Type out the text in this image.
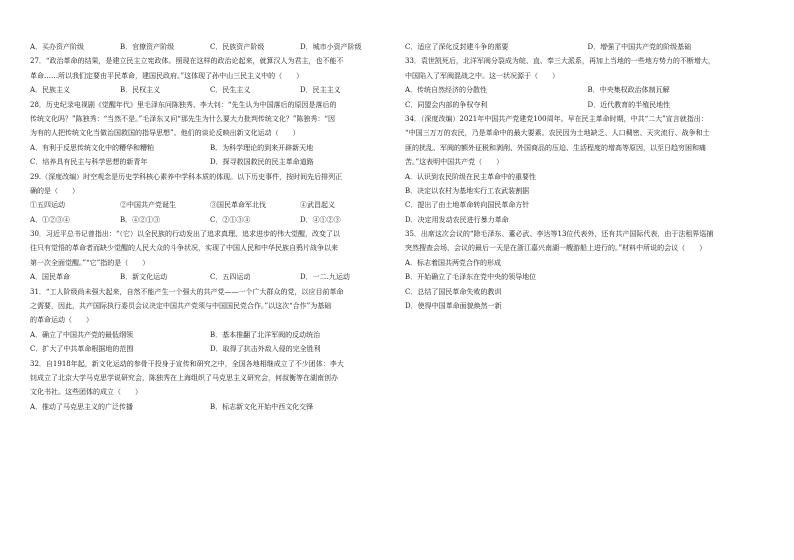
A．买办资产阶级	B．官僚资产阶级	C．民族资产阶级	D．城市小资产阶级
27．“政治革命的结果，是建立民主立宪政体。照现在这样的政治论起来，就算汉人为君主，也不能不
革命……所以我们定要由平民革命，建国民政府。”这体现了孙中山三民主义中的（　　）
A．民族主义	B．民权主义	C．民生主义	D．民主主义
28．历史纪录电视剧《觉醒年代》里毛泽东问陈独秀、李大钊：“先生认为中国落后的原因是落后的
传统文化吗？”陈独秀：“当然不是。”毛泽东又问“那先生为什么要大力批判传统文化？”陈独秀：“因
为有的人把传统文化当做治国救国的指导思想”。他们的谈论反映出新文化运动（　　）
A．有利于反思传统文化中的糟华和糟粕	B．为科学理论的到来开辟新天地
C．培养具有民主与科学思想的新青年	D．探寻救国救民的民主革命道路
29.（深度改编）时空观念是历史学科核心素养中学科本质的体现。以下历史事件，按时间先后排列正
确的是（　　）
①五四运动	②中国共产党诞生	③国民革命军北伐	④武昌起义
A．①②③④	B．④②①③	C．②①③④	D．④①②③
30．习近平总书记曾指出：“（它）以全民族的行动发出了追求真理、追求进步的伟大觉醒，改变了以
往只有觉悟的革命者而缺少觉醒的人民大众的斗争状况，实现了中国人民和中华民族自鸦片战争以来
第一次全面觉醒。”“它”指的是（　　）
A．国民革命	B．新文化运动	C．五四运动	D．一二.九运动
31．“工人阶级尚未强大起来，自然不能产生一个强大的共产党——一个广大群众的党，以应目前革命
之需要，因此，共产国际执行委员会议决定中国共产党须与中国国民党合作。”以这次“合作”为基础
的革命运动（　　）
A．确立了中国共产党的最低纲领	B．基本推翻了北洋军阀的反动统治
C．扩大了中共革命根据地的范围	D．取得了抗击外敌入侵的完全胜利
32．自1918年起，新文化运动的参骨干投身于宣传和研究之中，全国各地相继成立了不少团体：李大
钊成立了北京大学马克思学说研究会，陈独秀在上海组织了马克思主义研究会，何叔衡等在湖南创办
文化书社。这些团体的成立（　　）
A．推动了马克思主义的广泛传播	B．标志新文化开始中西文化交锋
C．适应了深化反封建斗争的需要	D．增强了中国共产党的阶级基础
33．袁世凯死后，北洋军阀分裂成为皖、直、奉三大派系，再加上当地的一些地方势力的不断增大，
中国陷入了军阀混战之中。这一状况源于（　　）
A．传统自然经济的分散性	B．中央集权政治体制瓦解
C．同盟会内部的争权夺利	D．近代教育的半殖民地性
34．（深度改编）2021年中国共产党建党100周年。早在民主革命时期，中共“二大”宣言就指出：
“中国三万万的农民，乃是革命中的最大要素。农民因为土地缺乏、人口稠密、天灾流行、战争和土
匪的扰乱、军阀的额外征税和剥削、外国商品的压迫、生活程度的增高等原因，以至日趋穷困和痛
苦。”这表明中国共产党（　　）
A．认识到农民阶级在民主革命中的重要性
B．决定以农村为基地实行工农武装割据
C．提出了由土地革命转向国民革命方针
D．决定用发动农民进行暴力革命
35．出席这次会议的“除毛泽东、董必武、李达等13位代表外，还有共产国际代表，由于法租界巡捕
突然搜查会场，会议的最后一天是在浙江嘉兴南湖一艘游船上进行的。”材料中所说的会议（　　）
A．标志着国共两党合作的形成
B．开始确立了毛泽东在党中央的领导地位
C．总结了国民革命失败的教训
D．使得中国革命面貌焕然一新
